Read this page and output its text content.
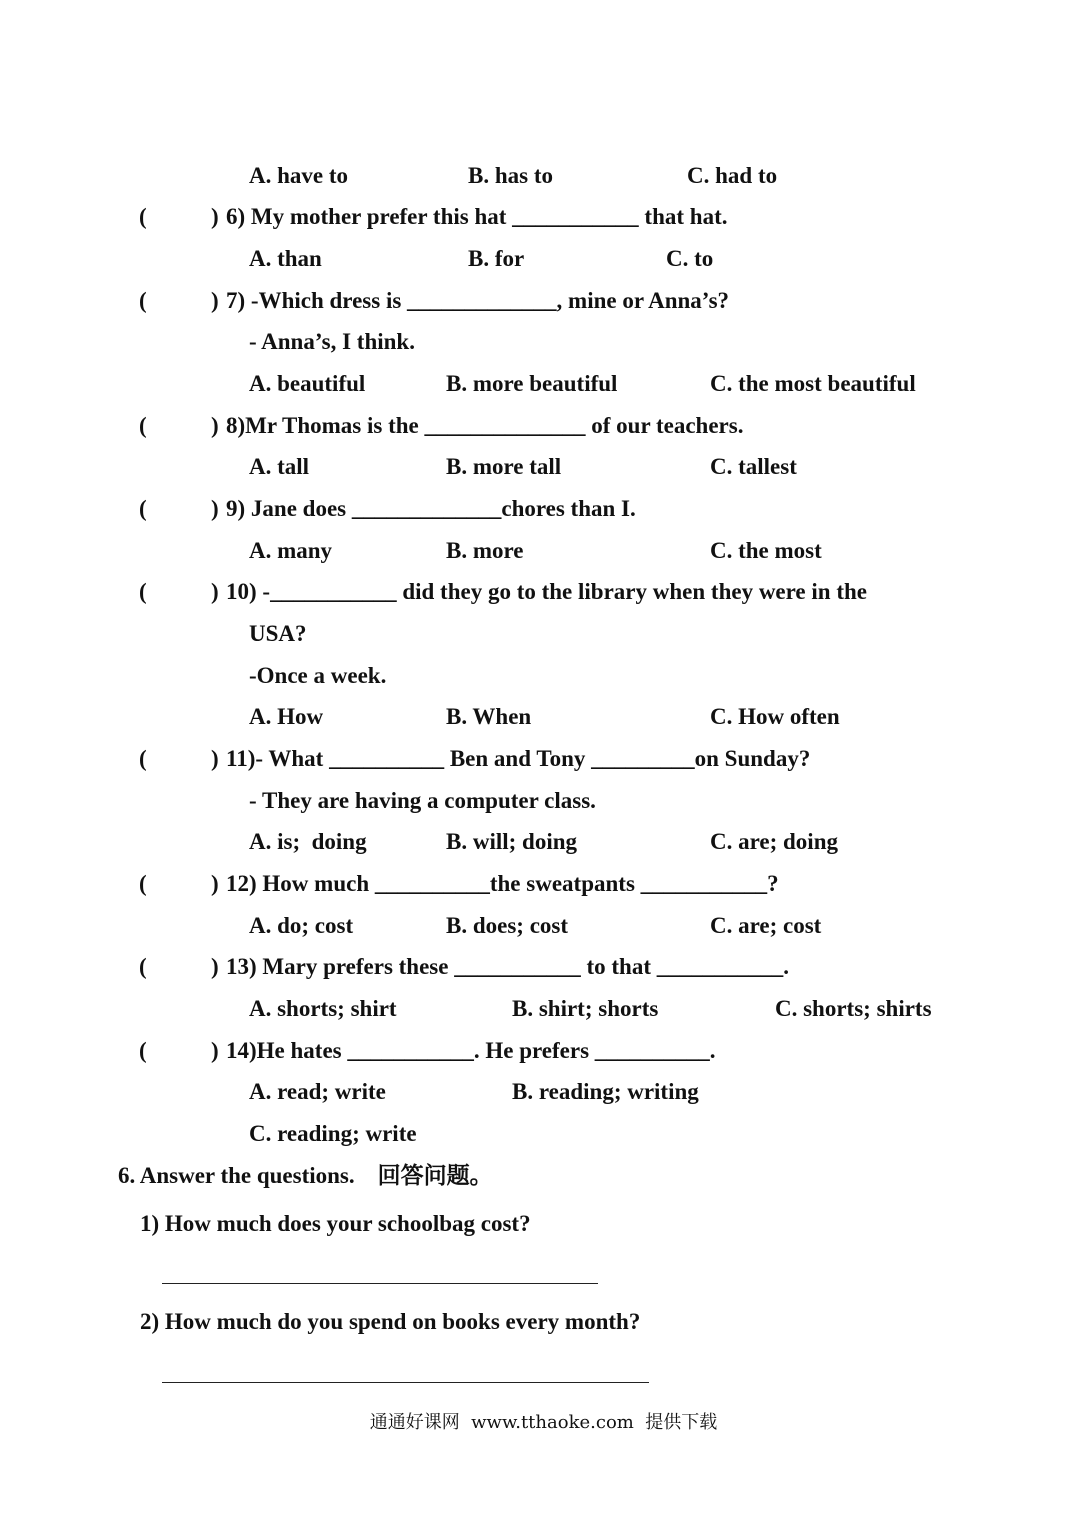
A. have to	B. has to	C. had to
(	) 6) My mother prefer this hat ___________ that hat.
A. than	B. for	C. to
(	) 7) -Which dress is _____________, mine or Anna’s?
- Anna’s, I think.
A. beautiful	B. more beautiful	C. the most beautiful
(	) 8)Mr Thomas is the ______________ of our teachers.
A. tall	B. more tall	C. tallest
(	) 9) Jane does _____________chores than I.
A. many	B. more	C. the most
(	) 10) -___________ did they go to the library when they were in the
USA?
-Once a week.
A. How	B. When	C. How often
(	) 11)- What __________ Ben and Tony _________on Sunday?
- They are having a computer class.
A. is;  doing	B. will; doing	C. are; doing
(	) 12) How much __________the sweatpants ___________?
A. do; cost	B. does; cost	C. are; cost
(	) 13) Mary prefers these ___________ to that ___________.
A. shorts; shirt	B. shirt; shorts	C. shorts; shirts
(	) 14)He hates ___________. He prefers __________.
A. read; write	B. reading; writing
C. reading; write
6. Answer the questions.    回答问题。
1) How much does your schoolbag cost?
2) How much do you spend on books every month?
通通好课网  www.tthaoke.com  提供下载
